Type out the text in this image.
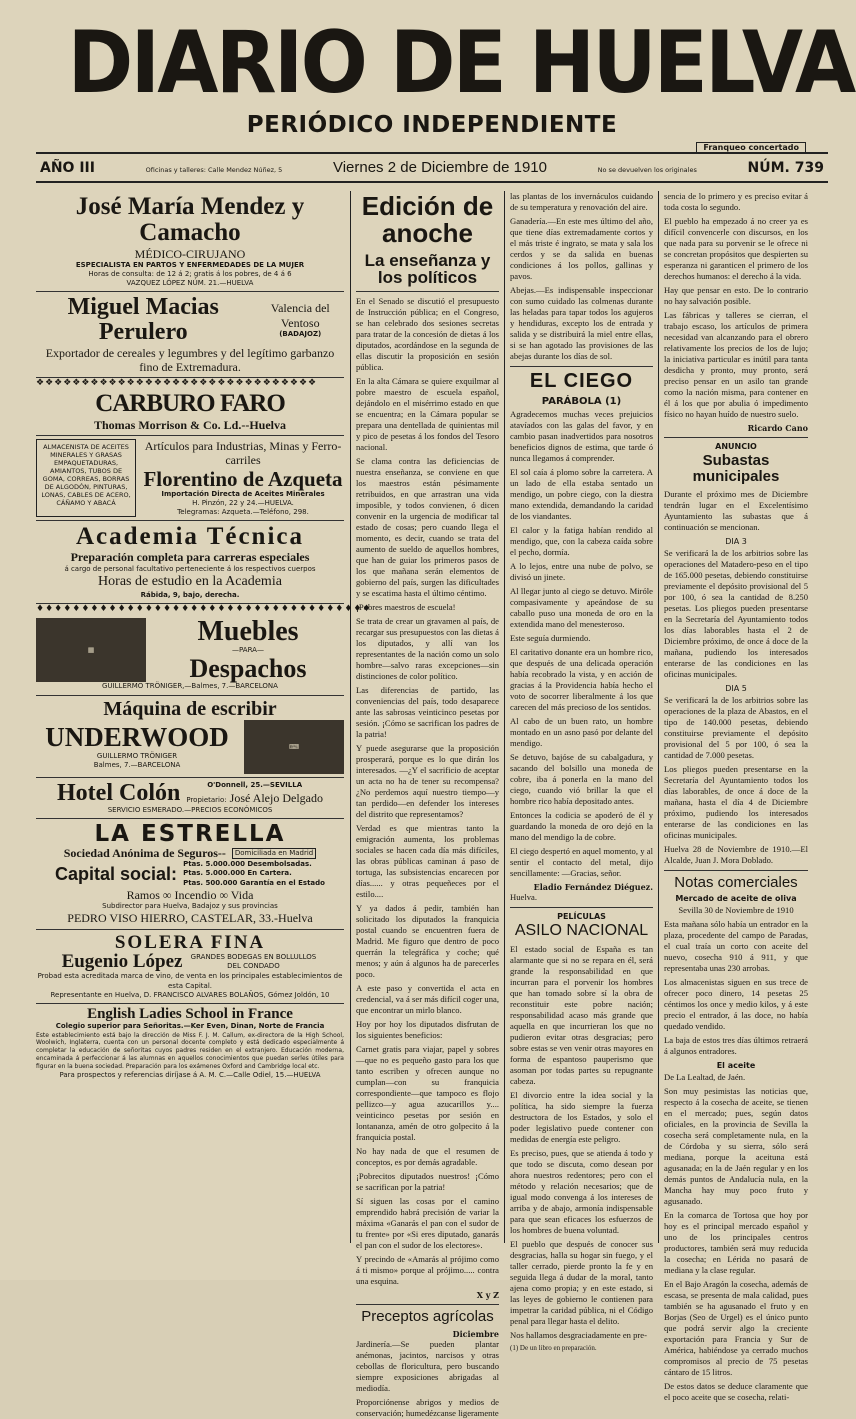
DIARIO DE HUELVA
PERIÓDICO INDEPENDIENTE
Franqueo concertado
AÑO III	Oficinas y talleres: Calle Mendez Núñez, 5	Viernes 2 de Diciembre de 1910	No se devuelven los originales	NÚM. 739
José María Mendez y Camacho
MÉDICO-CIRUJANO
ESPECIALISTA EN PARTOS Y ENFERMEDADES DE LA MUJER
Horas de consulta: de 12 á 2; gratis á los pobres, de 4 á 6
VAZQUEZ LÓPEZ NÚM. 21.—HUELVA
Miguel Macias Perulero
Valencia del Ventoso
(BADAJOZ)
Exportador de cereales y legumbres y del legítimo garbanzo fino de Extremadura.
❖❖❖❖❖❖❖❖❖❖❖❖❖❖❖❖❖❖❖❖❖❖❖❖❖❖❖❖❖❖❖
CARBURO FARO
Thomas Morrison & Co. Ld.--Huelva
ALMACENISTA DE ACEITES MINERALES Y GRASAS EMPAQUETADURAS, AMIANTOS, TUBOS DE GOMA, CORREAS, BORRAS DE ALGODÓN, PINTURAS, LONAS, CABLES DE ACERO, CÁÑAMO Y ABACÁ
Artículos para Industrias, Minas y Ferro-carriles
Florentino de Azqueta
Importación Directa de Aceites Minerales
H. Pinzón, 22 y 24.—HUELVA.
Telegramas: Azqueta.—Teléfono, 298.
Academia Técnica
Preparación completa para carreras especiales
á cargo de personal facultativo perteneciente á los respectivos cuerpos
Horas de estudio en la Academia
Rábida, 9, bajo, derecha.
♦♦♦♦♦♦♦♦♦♦♦♦♦♦♦♦♦♦♦♦♦♦♦♦♦♦♦♦♦♦♦♦♦♦♦♦♦
▦
Muebles
—PARA—
Despachos
GUILLERMO TRÖNIGER,—Balmes, 7.—BARCELONA
Máquina de escribir
UNDERWOOD
GUILLERMO TRÖNIGER
Balmes, 7.—BARCELONA
⌨
Hotel Colón	O'Donnell, 25.—SEVILLA
Propietario: José Alejo Delgado
SERVICIO ESMERADO.—PRECIOS ECONÓMICOS
LA ESTRELLA
Sociedad Anónima de Seguros--	Domiciliada en Madrid
Capital social: Ptas. 5.000.000 Desembolsadas.
Ptas. 5.000.000 En Cartera.
Ptas. 500.000 Garantía en el Estado
Ramos ∞ Incendio ∞ Vida
Subdirector para Huelva, Badajoz y sus provincias
PEDRO VISO HIERRO, CASTELAR, 33.-Huelva
SOLERA FINA
Eugenio López	GRANDES BODEGAS EN BOLLULLOS DEL CONDADO
Probad esta acreditada marca de vino, de venta en los principales establecimientos de esta Capital.
Representante en Huelva, D. FRANCISCO ALVARES BOLAÑOS, Gómez Joldón, 10
English Ladies School in France
Colegio superior para Señoritas.—Ker Even, Dinan, Norte de Francia
Este establecimiento está bajo la dirección de Miss F. J. M. Callum, ex-directora de la High School, Woolwich, Inglaterra, cuenta con un personal docente completo y está dedicado especialmente á completar la educación de señoritas cuyos padres residen en el extranjero. Educación moderna, encaminada á perfeccionar á las alumnas en aquellos conocimientos que puedan serles útiles para figurar en la buena sociedad. Preparación para los exámenes Oxford and Cambridge local etc.
Para prospectos y referencias diríjase á A. M. C.—Calle Odiel, 15.—HUELVA
Edición de anoche
La enseñanza y los políticos

En el Senado se discutió el presupuesto de Instrucción pública; en el Congreso, se han celebrado dos sesiones secretas para tratar de la concesión de dietas á los diputados, acordándose en la segunda de ellas discutir la proposición en sesión pública.

En la alta Cámara se quiere exquilmar al pobre maestro de escuela español, dejándolo en el misérrimo estado en que se encuentra; en la Cámara popular se prepara una dentellada de quinientas mil y pico de pesetas á los fondos del Tesoro nacional.

Se clama contra las deficiencias de nuestra enseñanza, se conviene en que los maestros están pésimamente retribuidos, en que arrastran una vida imposible, y todos convienen, ó dicen convenir en la urgencia de modificar tal estado de cosas; pero cuando llega el momento, es decir, cuando se trata del aumento de sueldo de aquellos hombres, que han de guiar los primeros pasos de los que mañana serán elementos de gobierno del país, surgen las dificultades y se escatima hasta el último céntimo.

¡Pobres maestros de escuela!

Se trata de crear un gravamen al país, de recargar sus presupuestos con las dietas á los diputados, y allí van los representantes de la nación como un solo hombre—salvo raras excepciones—sin distinciones de color político.

Las diferencias de partido, las conveniencias del país, todo desaparece ante las sabrosas veinticinco pesetas por sesión. ¡Cómo se sacrifican los padres de la patria!

Y puede asegurarse que la proposición prosperará, porque es lo que dirán los interesados. —¿Y el sacrificio de aceptar un acta no ha de tener su recompensa? ¿No perdemos aquí nuestro tiempo—y tan perdido—en defender los intereses del distrito que representamos?

Verdad es que mientras tanto la emigración aumenta, los problemas sociales se hacen cada día más difíciles, las obras públicas caminan á paso de tortuga, las subsistencias encarecen por días...... y otras pequeñeces por el estilo....

Y ya dados á pedir, también han solicitado los diputados la franquicia postal cuando se encuentren fuera de Madrid. Me figuro que dentro de poco querrán la telegráfica y coche; qué menos; y aún á algunos ha de parecerles poco.

A este paso y convertida el acta en credencial, va á ser más difícil coger una, que encontrar un mirlo blanco.

Hoy por hoy los diputados disfrutan de los siguientes beneficios:

Carnet gratis para viajar, papel y sobres—que no es pequeño gasto para los que tanto escriben y ofrecen aunque no cumplan—con su franquicia correspondiente—que tampoco es flojo pellizco—y agua azucarillos y.... veinticinco pesetas por sesión en lontananza, amén de otro golpecito á la franquicia postal.

No hay nada de que el resumen de conceptos, es por demás agradable.

¡Pobrecitos diputados nuestros! ¡Cómo se sacrifican por la patria!

Sí siguen las cosas por el camino emprendido habrá precisión de variar la máxima «Ganarás el pan con el sudor de tu frente» por «Si eres diputado, ganarás el pan con el sudor de los electores».

Y precindo de «Amarás al prójimo como á ti mismo» porque al prójimo..... contra una esquina.

X y Z
Preceptos agrícolas
Diciembre

Jardinería.—Se pueden plantar anémonas, jacintos, narcisos y otras cebollas de floricultura, pero buscando siempre exposiciones abrigadas al mediodía.

Proporciónense abrigos y medios de conservación; humedézcanse ligeramente

las plantas de los invernáculos cuidando de su temperatura y renovación del aire.

Ganadería.—En este mes último del año, que tiene días extremadamente cortos y el más triste é ingrato, se mata y sala los cerdos y se da salida en buenas condiciones á los pollos, gallinas y pavos.

Abejas.—Es indispensable inspeccionar con sumo cuidado las colmenas durante las heladas para tapar todos los agujeros y hendiduras, excepto los de entrada y salida y se distribuirá la miel entre ellas, si se han agotado las provisiones de las abejas durante los días de sol.

EL CIEGO
PARÁBOLA (1)

Agradecemos muchas veces prejuicios atavíados con las galas del favor, y en cambio pasan inadvertidos para nosotros beneficios dignos de estima, que tarde ó nunca llegamos á comprender.

El sol caía á plomo sobre la carretera. A un lado de ella estaba sentado un mendigo, un pobre ciego, con la diestra mano extendida, demandando la caridad de los viandantes.

El calor y la fatiga habían rendido al mendigo, que, con la cabeza caída sobre el pecho, dormía.

A lo lejos, entre una nube de polvo, se divisó un jinete.

Al llegar junto al ciego se detuvo. Miróle compasivamente y apeándose de su caballo puso una moneda de oro en la extendida mano del menesteroso.

Este seguía durmiendo.

El caritativo donante era un hombre rico, que después de una delicada operación había recobrado la vista, y en acción de gracias á la Providencia había hecho el voto de socorrer liberalmente á los que carecen del más precioso de los sentidos.

Al cabo de un buen rato, un hombre montado en un asno pasó por delante del mendigo.

Se detuvo, bajóse de su cabalgadura, y sacando del bolsillo una moneda de cobre, iba á ponerla en la mano del ciego, cuando vió brillar la que el hombre rico había depositado antes.

Entonces la codicia se apoderó de él y guardando la moneda de oro dejó en la mano del mendigo la de cobre.

El ciego despertó en aquel momento, y al sentir el contacto del metal, dijo sencillamente: —Gracias, señor.

Eladio Fernández Diéguez.

Huelva.

PELÍCULAS
ASILO NACIONAL

El estado social de España es tan alarmante que si no se repara en él, será grande la responsabilidad en que incurran para el porvenir los hombres que han tomado sobre sí la obra de reconstituir este pobre nación; responsabilidad acaso más grande que aquella en que incurrieran los que no pudieron evitar otras desgracias; pero sobre estas se ven venir otras mayores en forma de espantoso pauperismo que asoman por todas partes su repugnante cabeza.

El divorcio entre la idea social y la política, ha sido siempre la fuerza destructora de los Estados, y solo el poder legislativo puede contener con medidas de energía este peligro.

Es preciso, pues, que se atienda á todo y que todo se discuta, como desean por ahora nuestros redentores; pero con el método y relación necesarios; que de igual modo convenga á los intereses de arriba y de abajo, armonía indispensable para que sean eficaces los esfuerzos de los hombres de buena voluntad.

El pueblo que después de conocer sus desgracias, halla su hogar sin fuego, y el taller cerrado, pierde pronto la fe y en seguida llega á dudar de la moral, tanto ajena como propia; y en este estado, si las leyes de gobierno le contienen para impetrar la caridad pública, ni el Código penal para llegar hasta el delito.

Nos hallamos desgraciadamente en pre-

(1) De un libro en preparación.

sencia de lo primero y es preciso evitar á toda costa lo segundo.

El pueblo ha empezado á no creer ya es difícil convencerle con discursos, en los que nada para su porvenir se le ofrece ni se concretan propósitos que despierten su esperanza ni garanticen el primero de los derechos humanos: el derecho á la vida.

Hay que pensar en esto. De lo contrario no hay salvación posible.

Las fábricas y talleres se cierran, el trabajo escaso, los artículos de primera necesidad van alcanzando para el obrero relativamente los precios de los de lujo; la iniciativa particular es inútil para tanta desdicha y pronto, muy pronto, será preciso pensar en un asilo tan grande como la nación misma, para contener en él á los que por abulia ó impedimento físico no hayan huído de nuestro suelo.

Ricardo Cano
ANUNCIO
Subastas municipales

Durante el próximo mes de Diciembre tendrán lugar en el Excelentísimo Ayuntamiento las subastas que á continuación se mencionan.

DIA 3

Se verificará la de los arbitrios sobre las operaciones del Matadero-peso en el tipo de 165.000 pesetas, debiendo constituirse previamente el depósito provisional del 5 por 100, ó sea la cantidad de 8.250 pesetas. Los pliegos pueden presentarse en la Secretaría del Ayuntamiento todos los días laborables hasta el 2 de Diciembre próximo, de once á doce de la mañana, pudiendo los interesados enterarse de las condiciones en las oficinas municipales.

DIA 5

Se verificará la de los arbitrios sobre las operaciones de la plaza de Abastos, en el tipo de 140.000 pesetas, debiendo constituirse previamente el depósito provisional del 5 por 100, ó sea la cantidad de 7.000 pesetas.

Los pliegos pueden presentarse en la Secretaría del Ayuntamiento todos los días laborables, de once á doce de la mañana, hasta el día 4 de Diciembre próximo, pudiendo los interesados enterarse de las condiciones en las oficinas municipales.

Huelva 28 de Noviembre de 1910.—El Alcalde, Juan J. Mora Doblado.

Notas comerciales
Mercado de aceite de oliva

Sevilla 30 de Noviembre de 1910

Esta mañana sólo había un entrador en la plaza, procedente del campo de Paradas, el cual traía un corto con aceite del nuevo, cosecha 910 á 911, y que representaba unas 230 arrobas.

Los almacenistas siguen en sus trece de ofrecer poco dinero, 14 pesetas 25 céntimos los once y medio kilos, y á este precio el entrador, á las doce, no había quedado vendido.

La baja de estos tres días últimos retraerá á algunos entradores.

El aceite

De La Lealtad, de Jaén.

Son muy pesimistas las noticias que, respecto á la cosecha de aceite, se tienen en el mercado; pues, según datos oficiales, en la provincia de Sevilla la cosecha será completamente nula, en la de Córdoba y su sierra, sólo será mediana, porque la aceituna está agusanada; en la de Jaén regular y en los demás puntos de Andalucía nula, en la Mancha hay muy poco fruto y agusanado.

En la comarca de Tortosa que hoy por hoy es el principal mercado español y uno de los principales centros productores, también será muy reducida la cosecha; en Lérida no pasará de mediana y la clase regular.

En el Bajo Aragón la cosecha, además de escasa, se presenta de mala calidad, pues también se ha agusanado el fruto y en Borjas (Seo de Urgel) es el único punto que podrá servir algo la creciente exportación para Francia y Sur de América, habiéndose ya cerrado muchos compromisos al precio de 75 pesetas cántaro de 15 litros.

De estos datos se deduce claramente que el poco aceite que se cosecha, relati-
